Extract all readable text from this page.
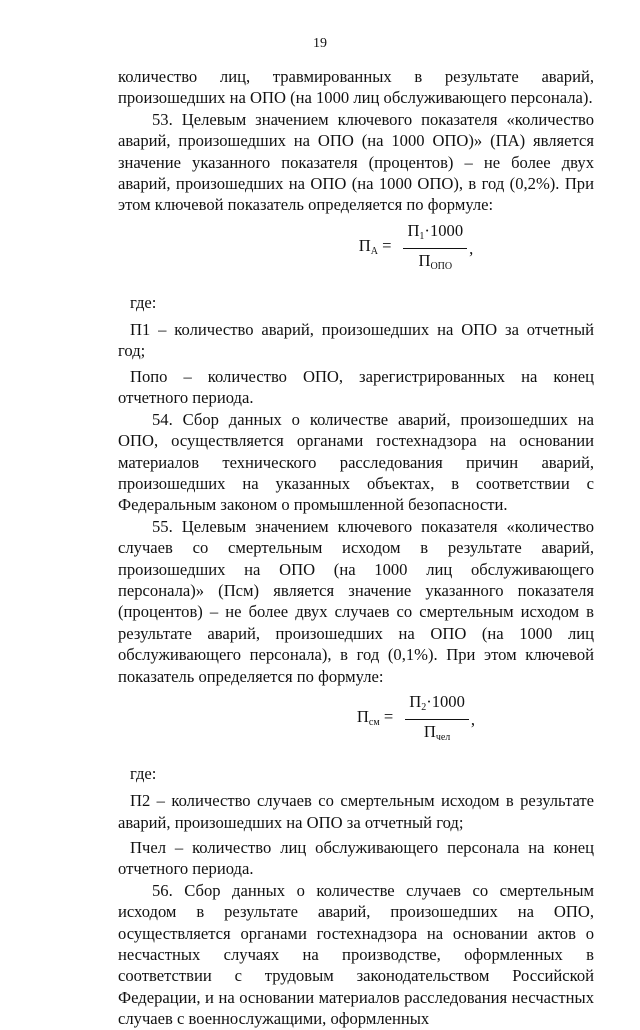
19

количество лиц, травмированных в результате аварий, произошедших на ОПО (на 1000 лиц обслуживающего персонала).

53. Целевым значением ключевого показателя «количество аварий, произошедших на ОПО (на 1000 ОПО)» (ПА) является значение указанного показателя (процентов) – не более двух аварий, произошедших на ОПО (на 1000 ОПО), в год (0,2%). При этом ключевой показатель определяется по формуле:

$П_А = \frac{П_1\cdot 1000}{П_{ОПО}}$ ,

где:

П1 – количество аварий, произошедших на ОПО за отчетный год;

Попо – количество ОПО, зарегистрированных на конец отчетного периода.

54. Сбор данных о количестве аварий, произошедших на ОПО, осуществляется органами гостехнадзора на основании материалов технического расследования причин аварий, произошедших на указанных объектах, в соответствии с Федеральным законом о промышленной безопасности.

55. Целевым значением ключевого показателя «количество случаев со смертельным исходом в результате аварий, произошедших на ОПО (на 1000 лиц обслуживающего персонала)» (Псм) является значение указанного показателя (процентов) – не более двух случаев со смертельным исходом в результате аварий, произошедших на ОПО (на 1000 лиц обслуживающего персонала), в год (0,1%). При этом ключевой показатель определяется по формуле:

$П_{см} = \frac{П_2\cdot 1000}{П_{чел}}$ ,

где:

П2 – количество случаев со смертельным исходом в результате аварий, произошедших на ОПО за отчетный год;

Пчел – количество лиц обслуживающего персонала на конец отчетного периода.

56. Сбор данных о количестве случаев со смертельным исходом в результате аварий, произошедших на ОПО, осуществляется органами гостехнадзора на основании актов о несчастных случаях на производстве, оформленных в соответствии с трудовым законодательством Российской Федерации, и на основании материалов расследования несчастных случаев с военнослужащими, оформленных
